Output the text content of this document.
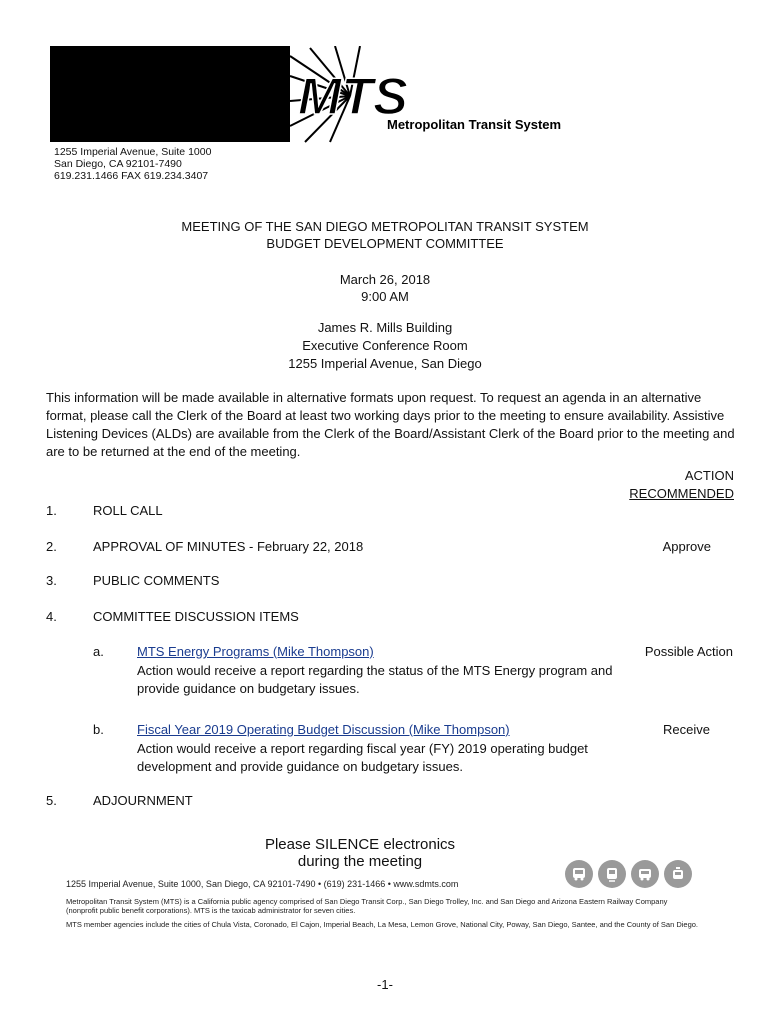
MTS
Metropolitan Transit System
1255 Imperial Avenue, Suite 1000
San Diego, CA 92101-7490
619.231.1466 FAX 619.234.3407
MEETING OF THE SAN DIEGO METROPOLITAN TRANSIT SYSTEM
BUDGET DEVELOPMENT COMMITTEE
March 26, 2018
9:00 AM
James R. Mills Building
Executive Conference Room
1255 Imperial Avenue, San Diego
This information will be made available in alternative formats upon request. To request an agenda in an alternative format, please call the Clerk of the Board at least two working days prior to the meeting to ensure availability. Assistive Listening Devices (ALDs) are available from the Clerk of the Board/Assistant Clerk of the Board prior to the meeting and are to be returned at the end of the meeting.
ACTION
RECOMMENDED
1.	ROLL CALL
2.	APPROVAL OF MINUTES - February 22, 2018	Approve
3.	PUBLIC COMMENTS
4.	COMMITTEE DISCUSSION ITEMS
a.	MTS Energy Programs (Mike Thompson)	Possible Action
Action would receive a report regarding the status of the MTS Energy program and provide guidance on budgetary issues.
b.	Fiscal Year 2019 Operating Budget Discussion (Mike Thompson)	Receive
Action would receive a report regarding fiscal year (FY) 2019 operating budget development and provide guidance on budgetary issues.
5.	ADJOURNMENT
Please SILENCE electronics
during the meeting
1255 Imperial Avenue, Suite 1000, San Diego, CA 92101-7490 • (619) 231-1466 • www.sdmts.com
Metropolitan Transit System (MTS) is a California public agency comprised of San Diego Transit Corp., San Diego Trolley, Inc. and San Diego and Arizona Eastern Railway Company
(nonprofit public benefit corporations). MTS is the taxicab administrator for seven cities.
MTS member agencies include the cities of Chula Vista, Coronado, El Cajon, Imperial Beach, La Mesa, Lemon Grove, National City, Poway, San Diego, Santee, and the County of San Diego.
-1-
